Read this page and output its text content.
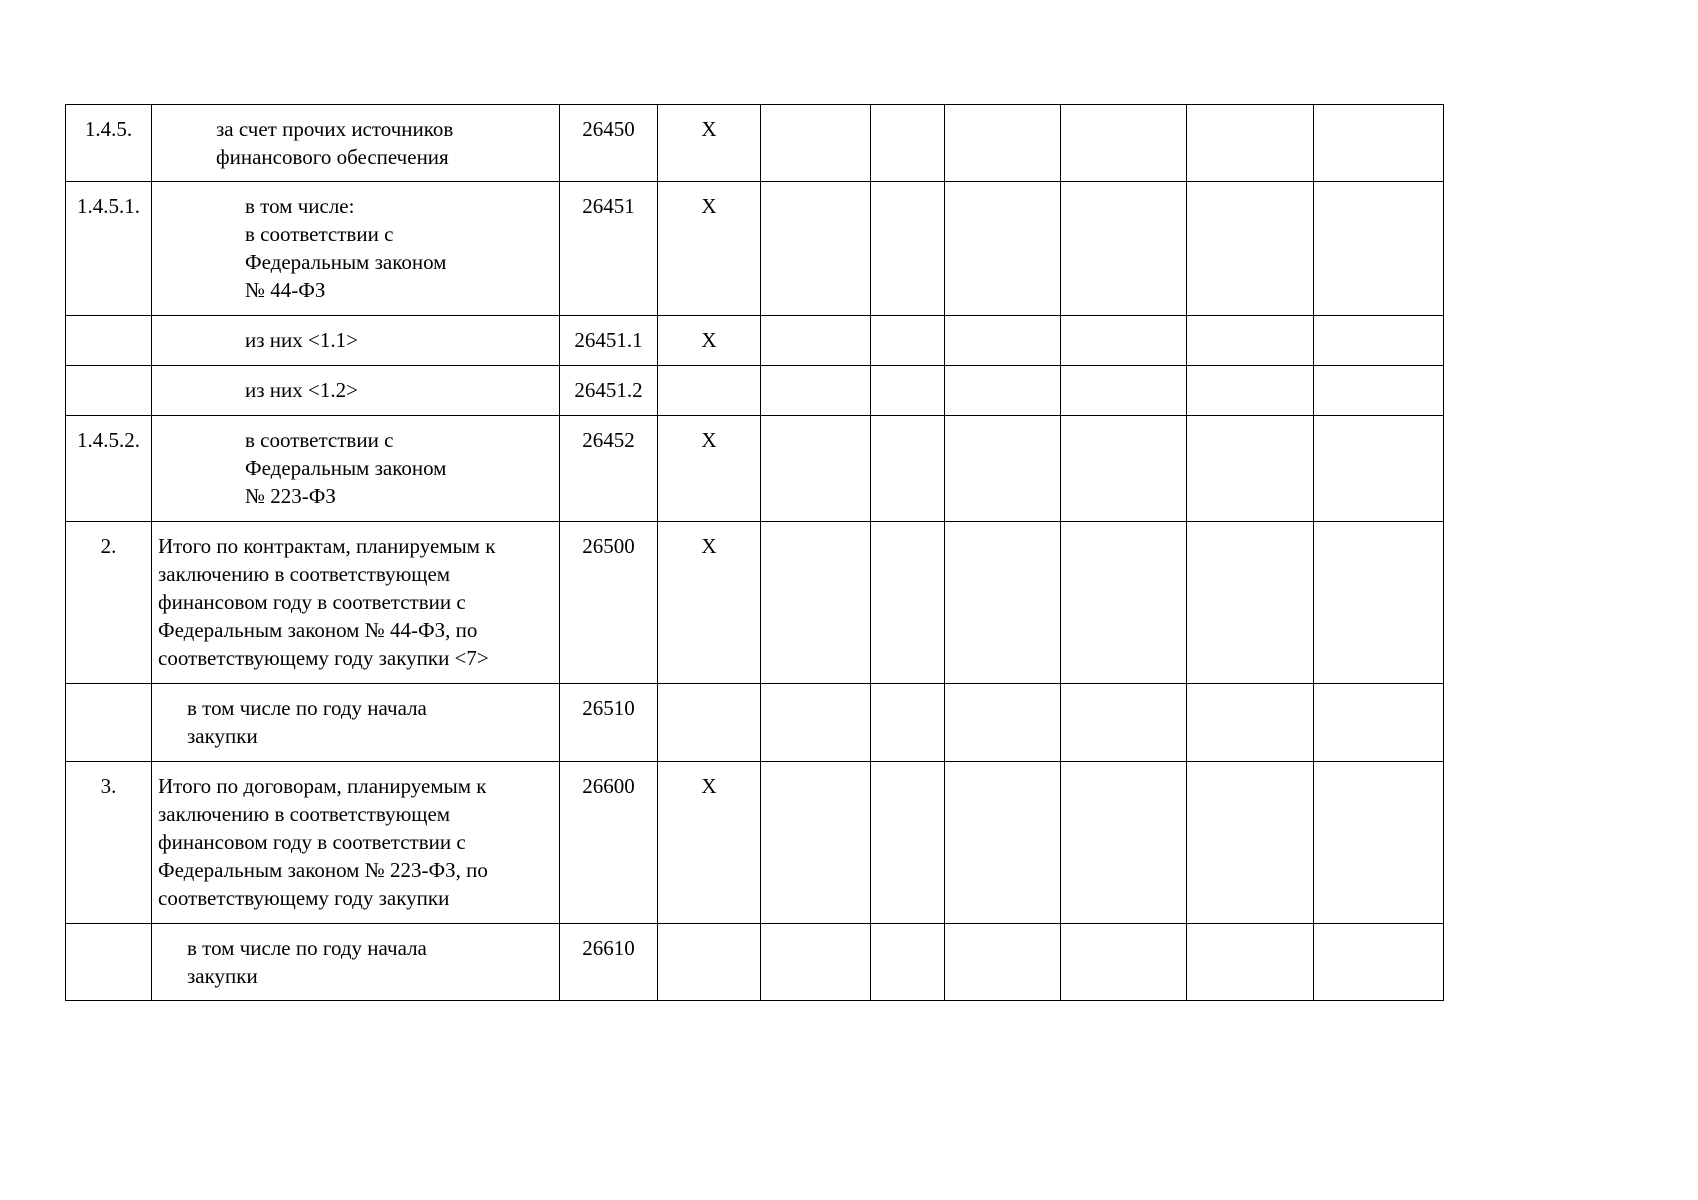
1.4.5.	за счет прочих источников
финансового обеспечения	26450	X						
1.4.5.1.	в том числе:
в соответствии с
Федеральным законом
№ 44-ФЗ	26451	X						

	из них <1.1>	26451.1	X						

	из них <1.2>	26451.2							
1.4.5.2.	в соответствии с
Федеральным законом
№ 223-ФЗ	26452	X						
2.	Итого по контрактам, планируемым к
заключению в соответствующем
финансовом году в соответствии с
Федеральным законом № 44-ФЗ, по
соответствующему году закупки <7>	26500	X						

	в том числе по году начала
закупки	26510							
3.	Итого по договорам, планируемым к
заключению в соответствующем
финансовом году в соответствии с
Федеральным законом № 223-ФЗ, по
соответствующему году закупки	26600	X						

	в том числе по году начала
закупки	26610							
